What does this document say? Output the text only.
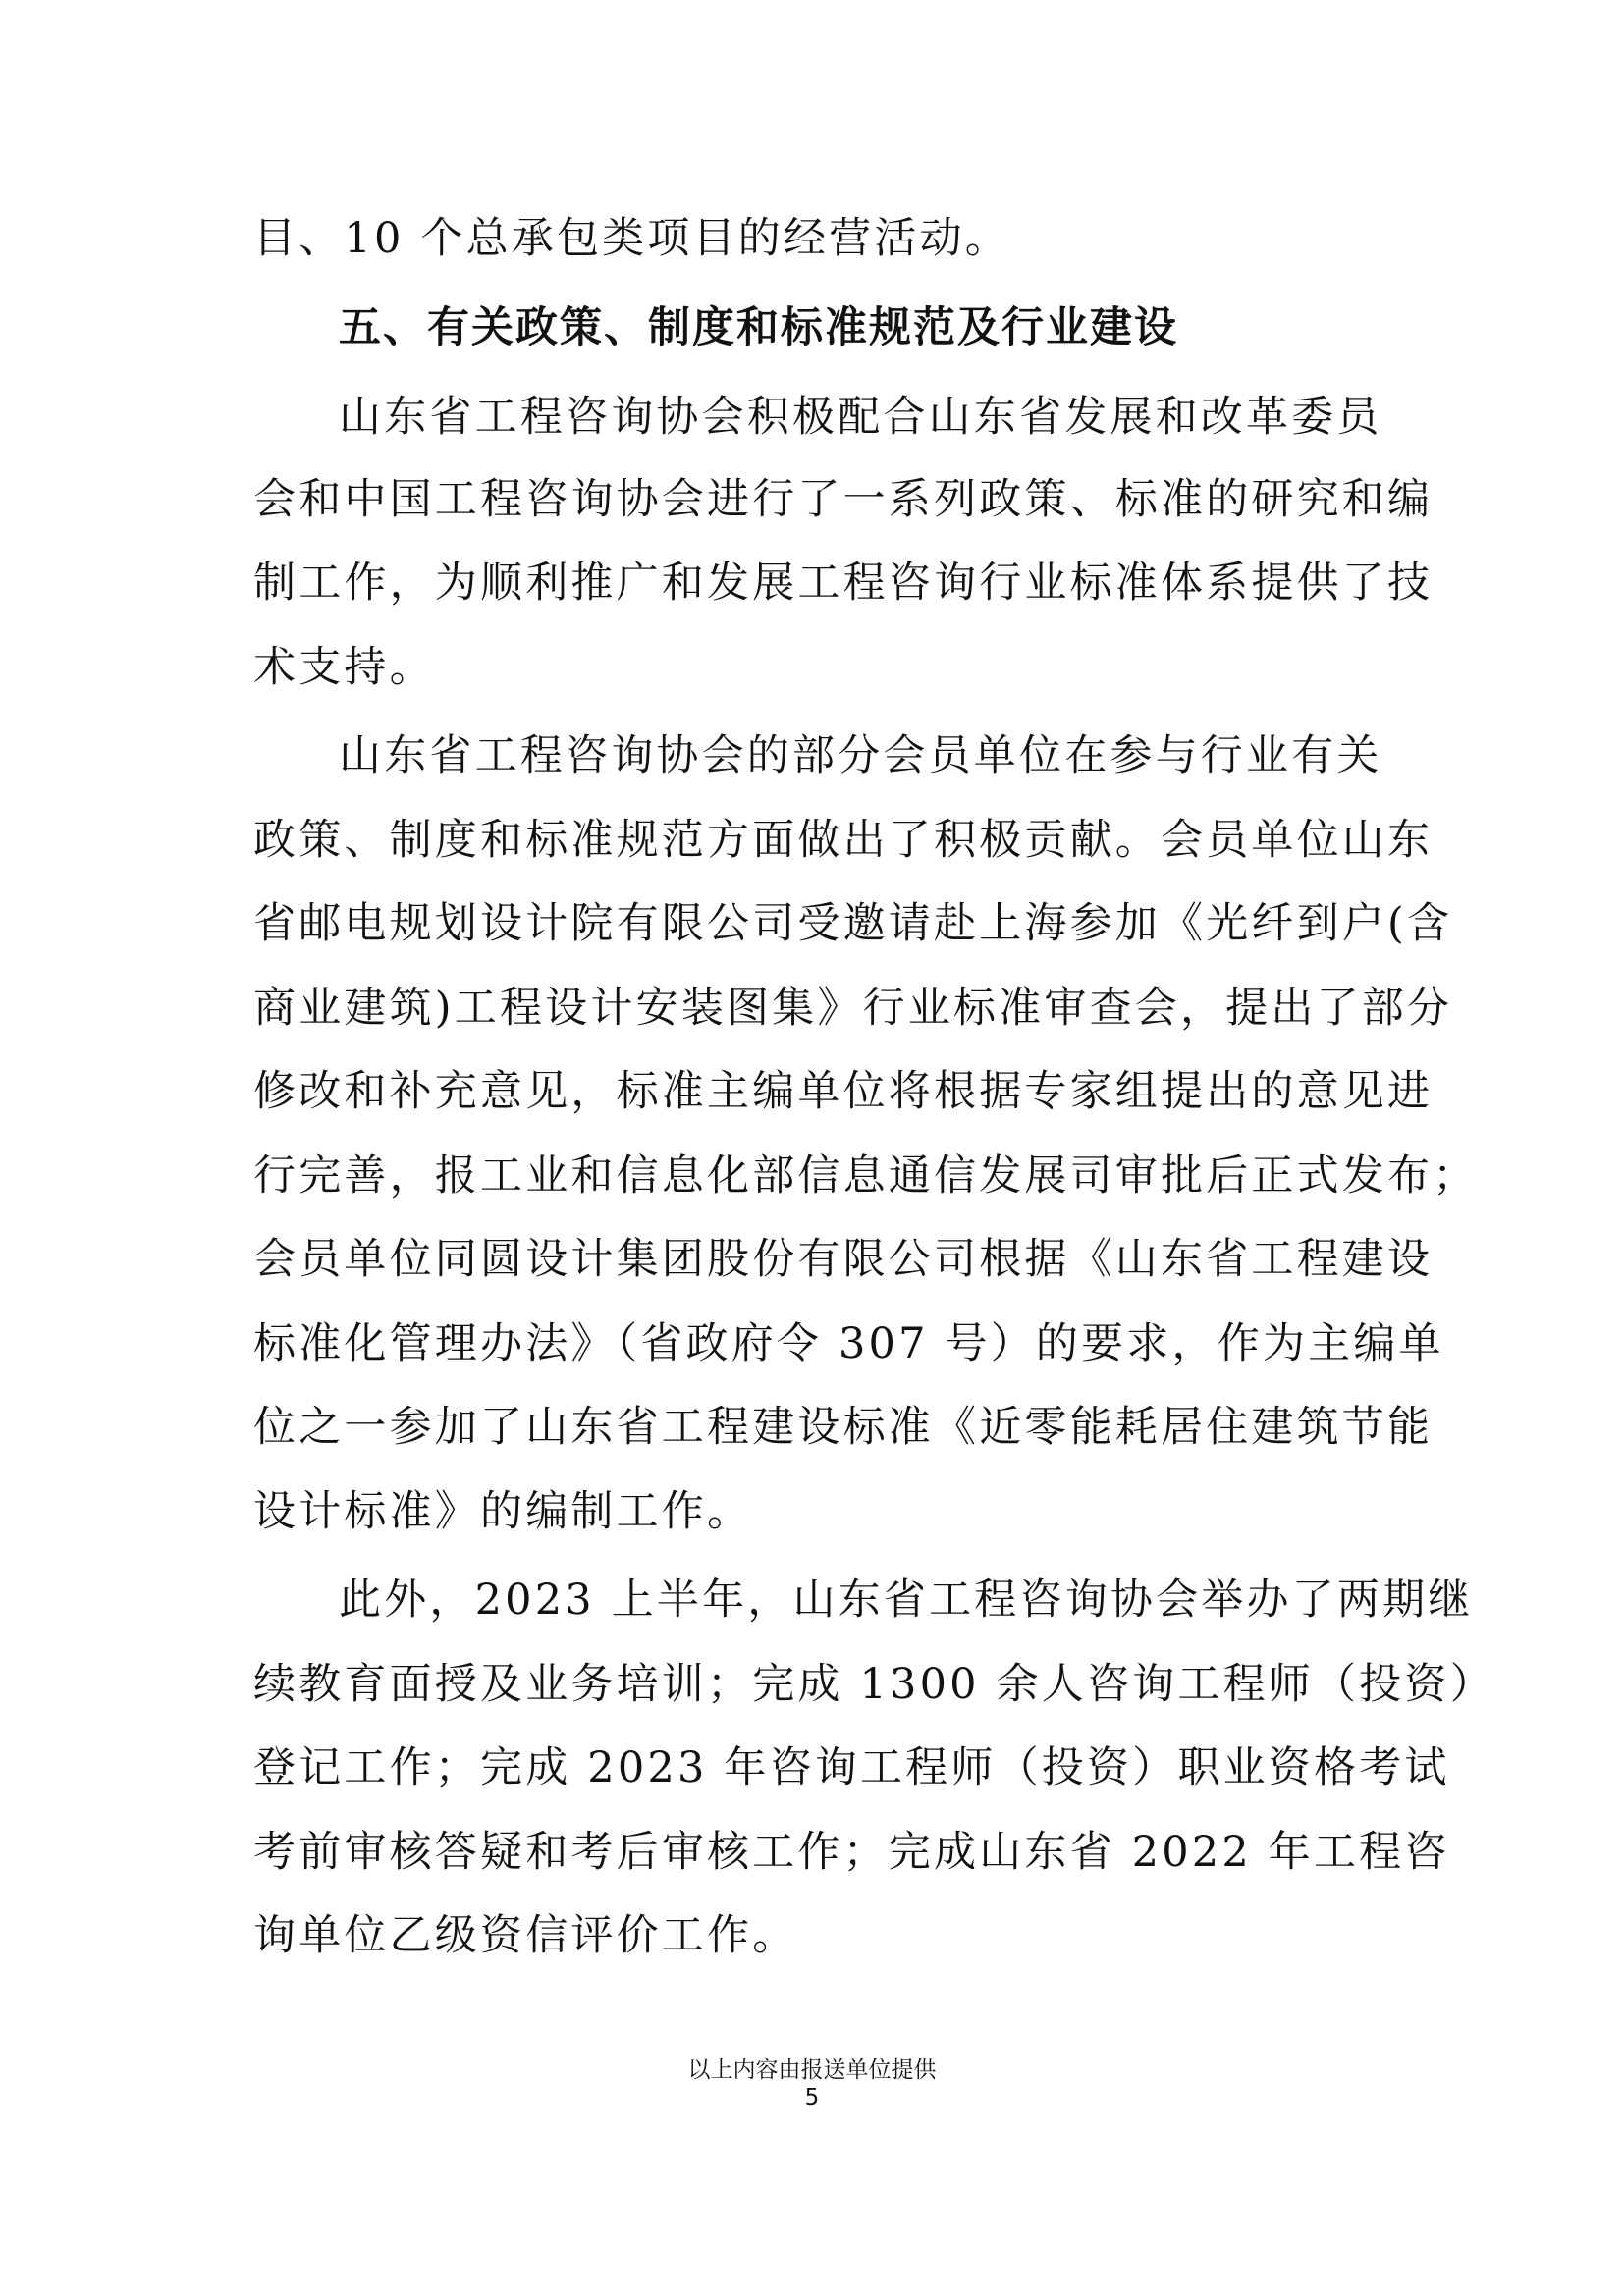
目、10 个总承包类项目的经营活动。
五、有关政策、制度和标准规范及行业建设
山东省工程咨询协会积极配合山东省发展和改革委员
会和中国工程咨询协会进行了一系列政策、标准的研究和编
制工作，为顺利推广和发展工程咨询行业标准体系提供了技
术支持。
山东省工程咨询协会的部分会员单位在参与行业有关
政策、制度和标准规范方面做出了积极贡献。会员单位山东
省邮电规划设计院有限公司受邀请赴上海参加《光纤到户(含
商业建筑)工程设计安装图集》行业标准审查会，提出了部分
修改和补充意见，标准主编单位将根据专家组提出的意见进
行完善，报工业和信息化部信息通信发展司审批后正式发布；
会员单位同圆设计集团股份有限公司根据《山东省工程建设
标准化管理办法》（省政府令 307 号）的要求，作为主编单
位之一参加了山东省工程建设标准《近零能耗居住建筑节能
设计标准》的编制工作。
此外，2023 上半年，山东省工程咨询协会举办了两期继
续教育面授及业务培训；完成 1300 余人咨询工程师（投资）
登记工作；完成 2023 年咨询工程师（投资）职业资格考试
考前审核答疑和考后审核工作；完成山东省 2022 年工程咨
询单位乙级资信评价工作。
以上内容由报送单位提供
5
